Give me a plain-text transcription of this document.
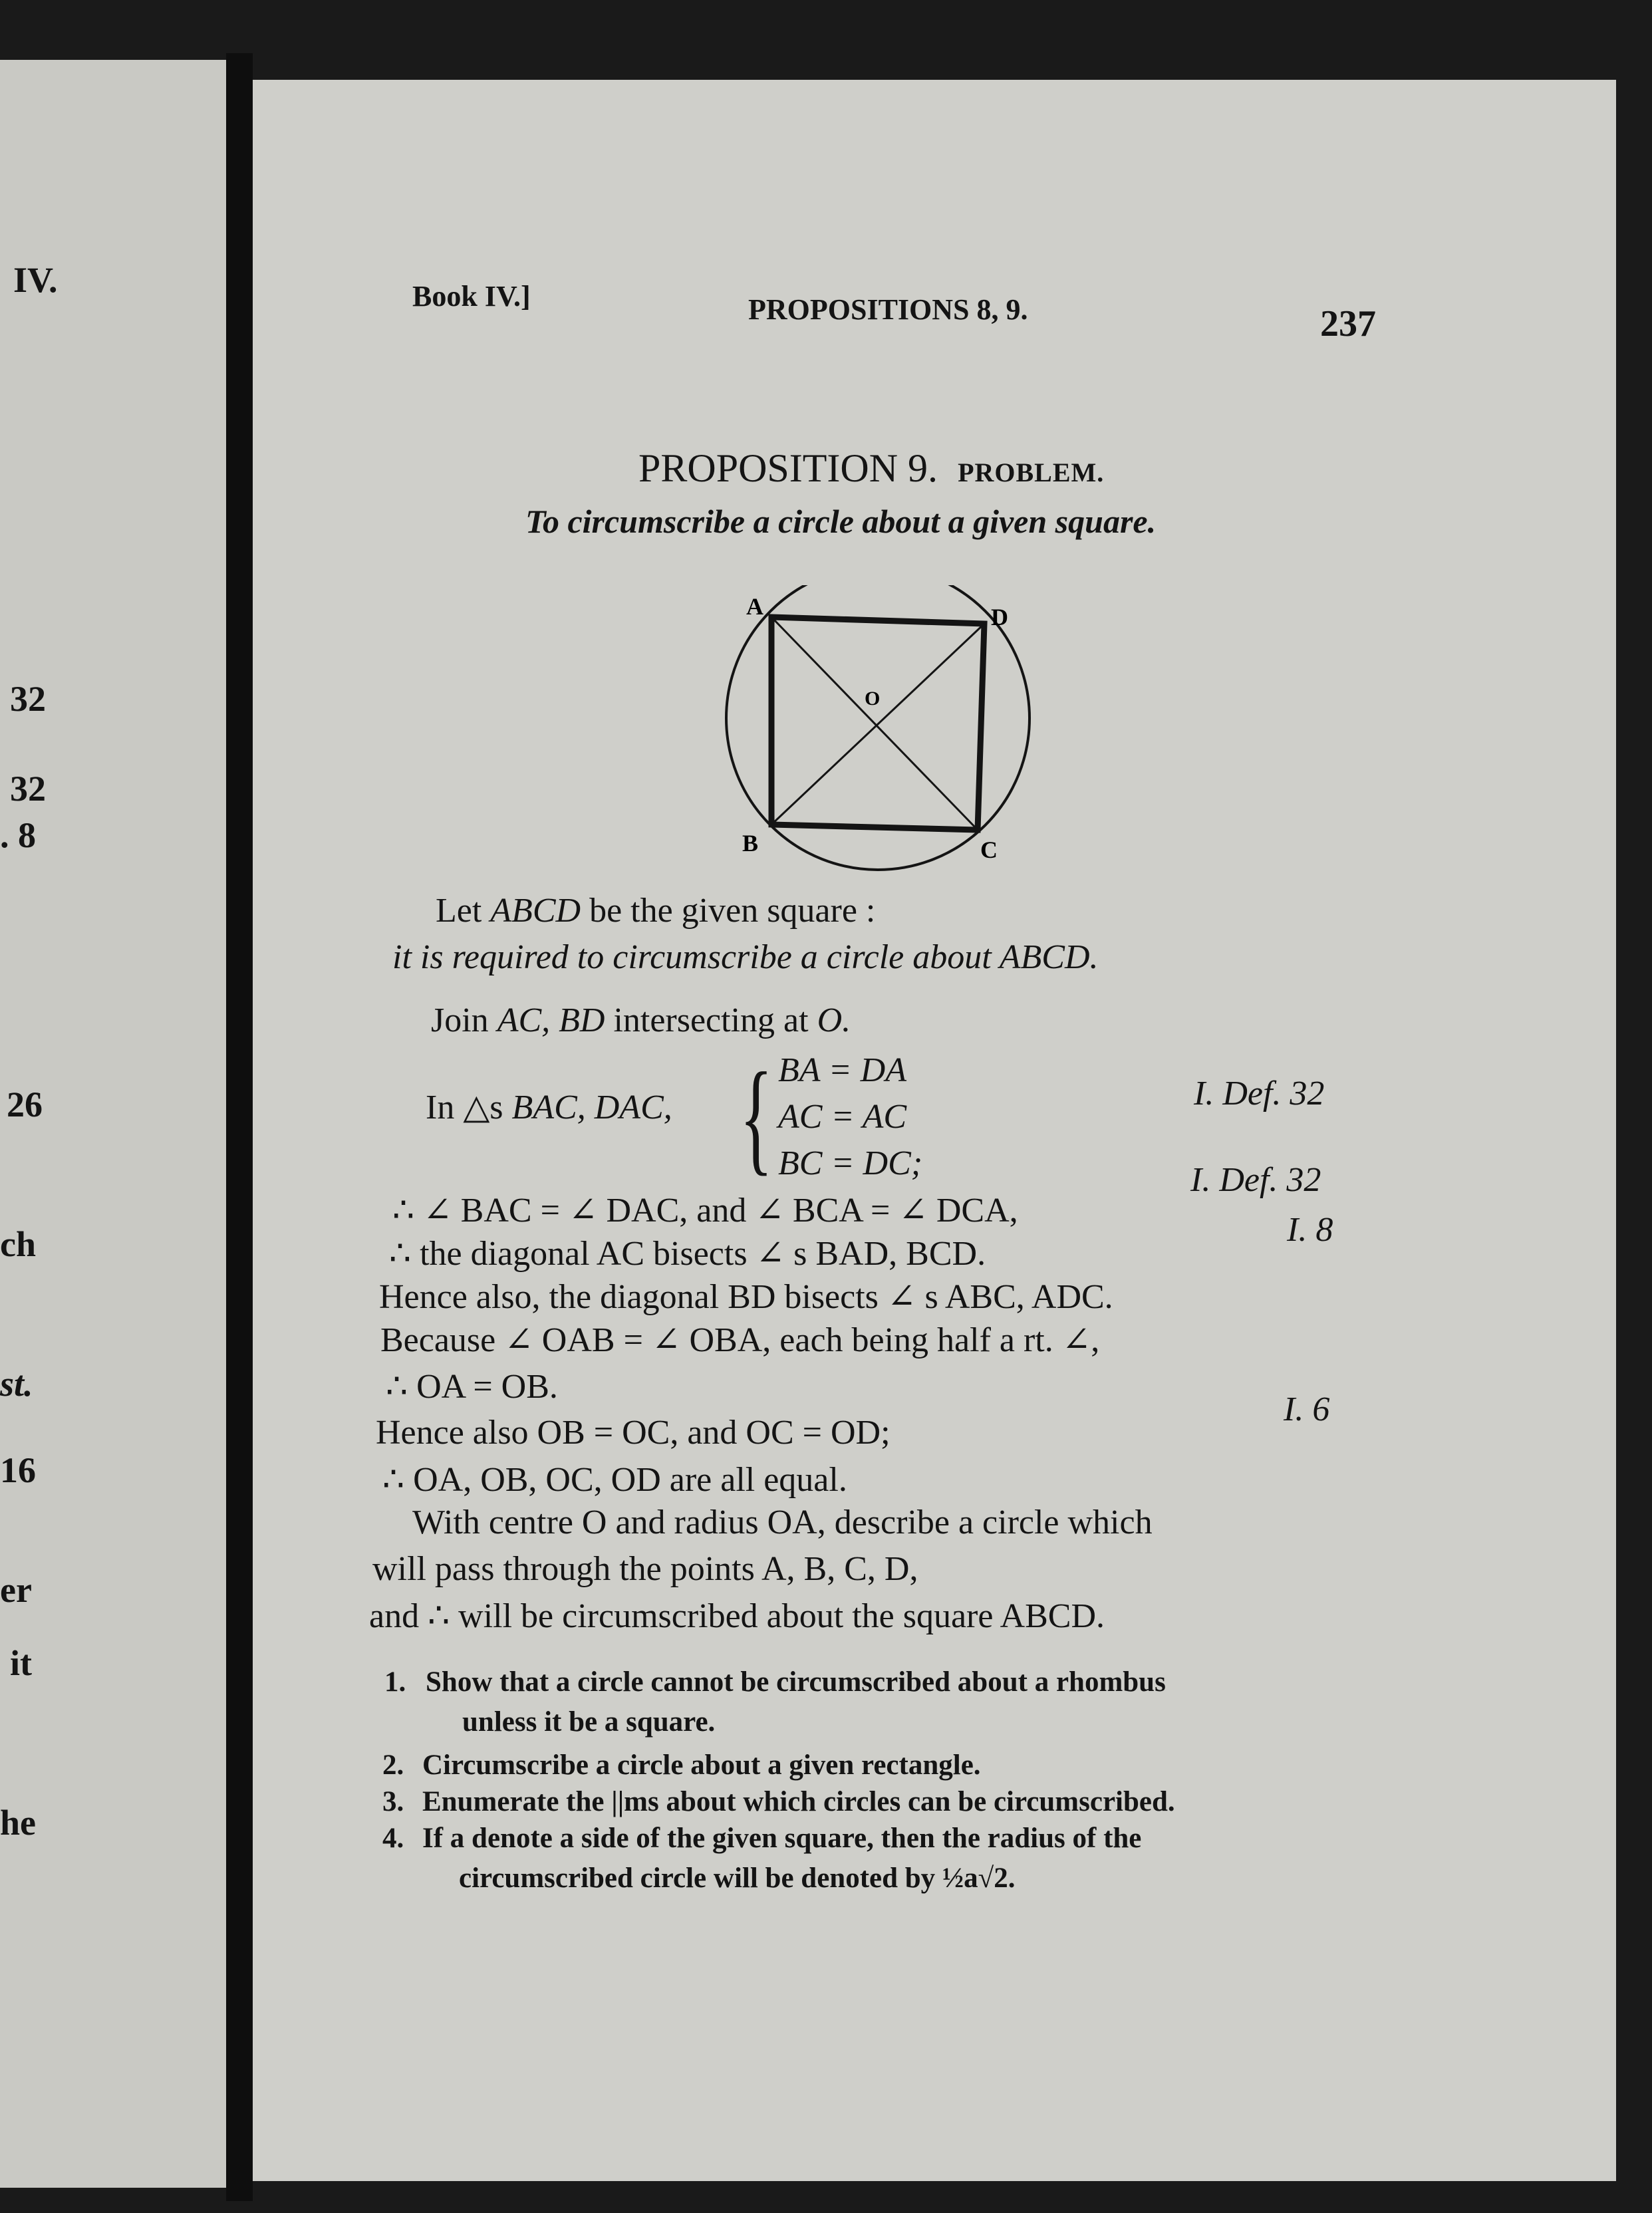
IV.
32
32
. 8
26
ch
st.
16
er
it
he
Book IV.]	PROPOSITIONS 8, 9.	237
PROPOSITION 9. PROBLEM.
To circumscribe a circle about a given square.
A	D
O
B	C
Let ABCD be the given square :
it is required to circumscribe a circle about ABCD.
Join AC, BD intersecting at O.
In △s BAC, DAC, { BA = DA
AC = AC
BC = DC;
I. Def. 32
I. Def. 32
∴ ∠ BAC = ∠ DAC, and ∠ BCA = ∠ DCA,
I. 8
∴ the diagonal AC bisects ∠ s BAD, BCD.
Hence also, the diagonal BD bisects ∠ s ABC, ADC.
Because ∠ OAB = ∠ OBA, each being half a rt. ∠,
∴ OA = OB.
I. 6
Hence also OB = OC, and OC = OD;
∴ OA, OB, OC, OD are all equal.
With centre O and radius OA, describe a circle which
will pass through the points A, B, C, D,
and ∴ will be circumscribed about the square ABCD.
1. Show that a circle cannot be circumscribed about a rhombus
unless it be a square.
2. Circumscribe a circle about a given rectangle.
3. Enumerate the ||ms about which circles can be circumscribed.
4. If a denote a side of the given square, then the radius of the
circumscribed circle will be denoted by ½a√2.
